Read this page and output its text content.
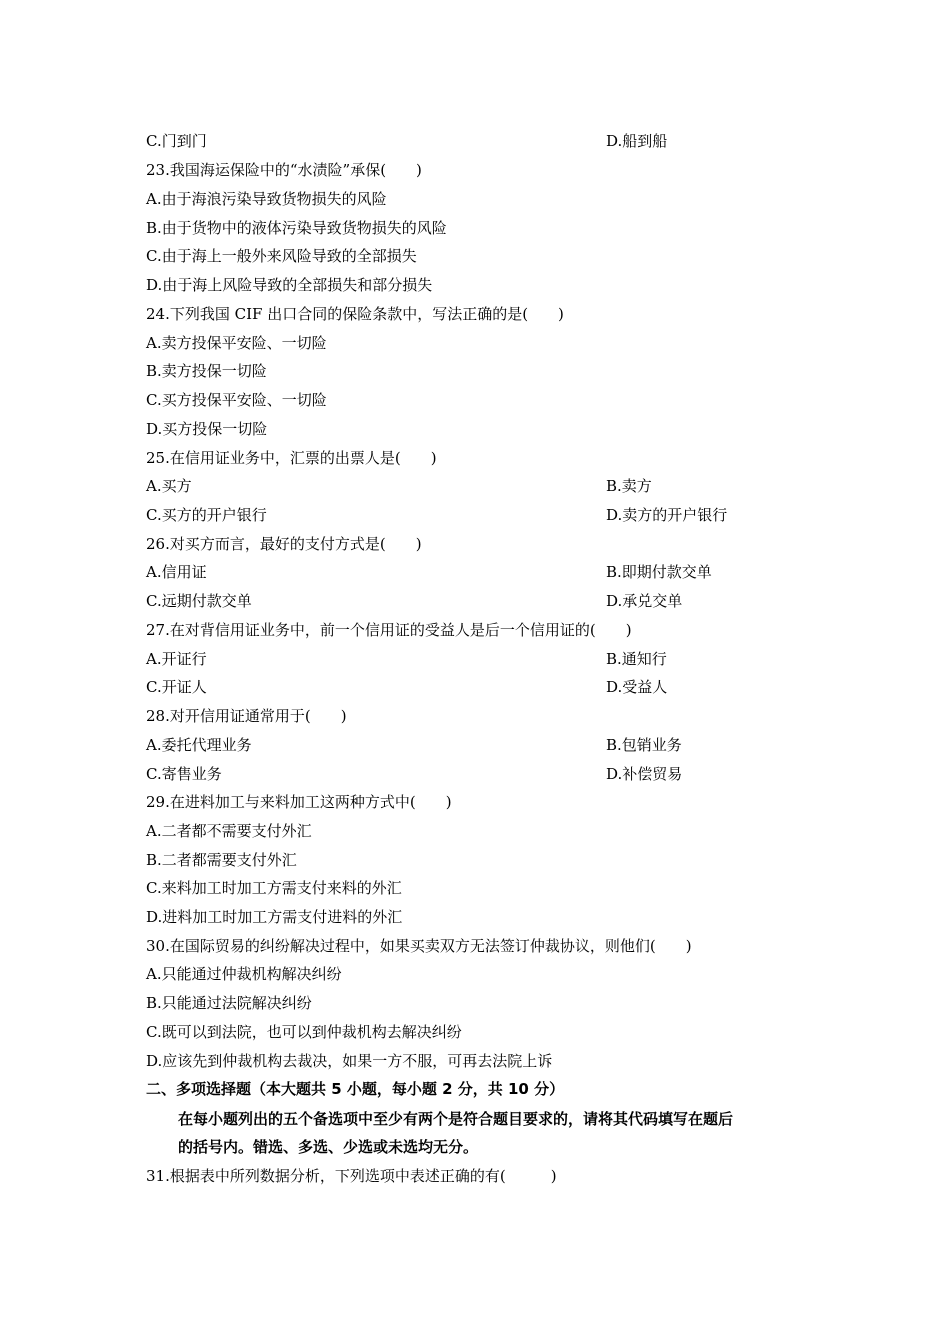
C.门到门	D.船到船
23.我国海运保险中的“水渍险”承保(　　)
A.由于海浪污染导致货物损失的风险
B.由于货物中的液体污染导致货物损失的风险
C.由于海上一般外来风险导致的全部损失
D.由于海上风险导致的全部损失和部分损失
24.下列我国 CIF 出口合同的保险条款中，写法正确的是(　　)
A.卖方投保平安险、一切险
B.卖方投保一切险
C.买方投保平安险、一切险
D.买方投保一切险
25.在信用证业务中，汇票的出票人是(　　)
A.买方	B.卖方
C.买方的开户银行	D.卖方的开户银行
26.对买方而言，最好的支付方式是(　　)
A.信用证	B.即期付款交单
C.远期付款交单	D.承兑交单
27.在对背信用证业务中，前一个信用证的受益人是后一个信用证的(　　)
A.开证行	B.通知行
C.开证人	D.受益人
28.对开信用证通常用于(　　)
A.委托代理业务	B.包销业务
C.寄售业务	D.补偿贸易
29.在进料加工与来料加工这两种方式中(　　)
A.二者都不需要支付外汇
B.二者都需要支付外汇
C.来料加工时加工方需支付来料的外汇
D.进料加工时加工方需支付进料的外汇
30.在国际贸易的纠纷解决过程中，如果买卖双方无法签订仲裁协议，则他们(　　)
A.只能通过仲裁机构解决纠纷
B.只能通过法院解决纠纷
C.既可以到法院，也可以到仲裁机构去解决纠纷
D.应该先到仲裁机构去裁决，如果一方不服，可再去法院上诉
二、多项选择题（本大题共 5 小题，每小题 2 分，共 10 分）
在每小题列出的五个备选项中至少有两个是符合题目要求的，请将其代码填写在题后
的括号内。错选、多选、少选或未选均无分。
31.根据表中所列数据分析，下列选项中表述正确的有(　　　)
